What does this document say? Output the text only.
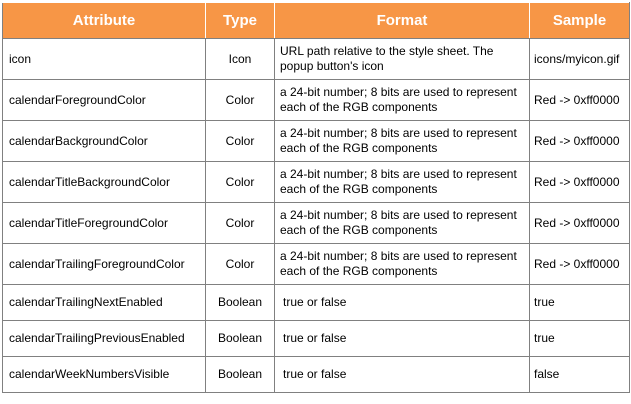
Attribute	Type	Format	Sample
icon	Icon	URL path relative to the style sheet. The popup button's icon	icons/myicon.gif
calendarForegroundColor	Color	a 24-bit number; 8 bits are used to represent each of the RGB components	Red -> 0xff0000
calendarBackgroundColor	Color	a 24-bit number; 8 bits are used to represent each of the RGB components	Red -> 0xff0000
calendarTitleBackgroundColor	Color	a 24-bit number; 8 bits are used to represent each of the RGB components	Red -> 0xff0000
calendarTitleForegroundColor	Color	a 24-bit number; 8 bits are used to represent each of the RGB components	Red -> 0xff0000
calendarTrailingForegroundColor	Color	a 24-bit number; 8 bits are used to represent each of the RGB components	Red -> 0xff0000
calendarTrailingNextEnabled	Boolean	true or false	true
calendarTrailingPreviousEnabled	Boolean	true or false	true
calendarWeekNumbersVisible	Boolean	true or false	false
